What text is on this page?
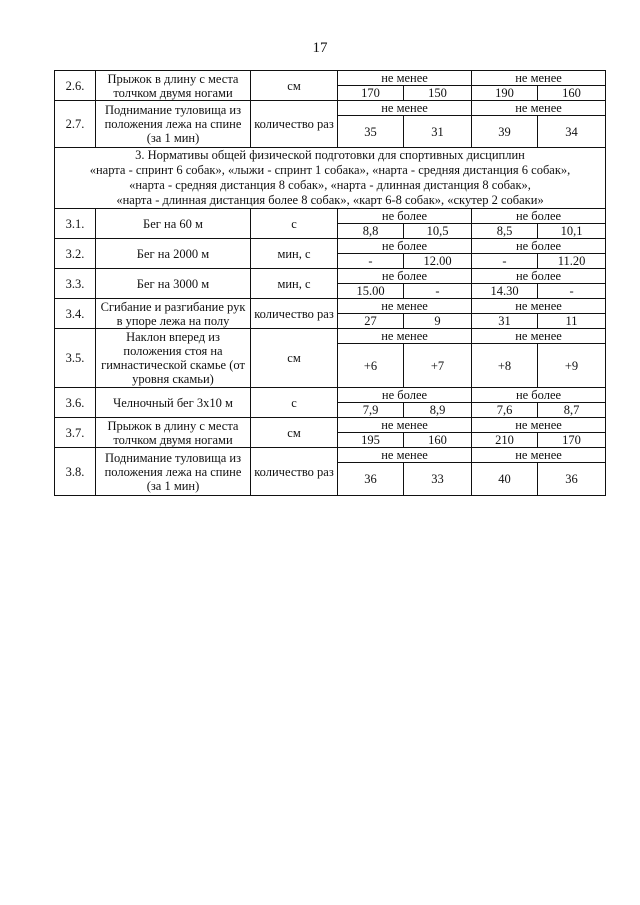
17
2.6.	Прыжок в длину с места толчком двумя ногами	см	не менее		не менее	
			170	150	190	160
2.7.	Поднимание туловища из положения лежа на спине (за 1 мин)	количество раз	не менее		не менее	
			35	31	39	34

3. Нормативы общей физической подготовки для спортивных дисциплин
«нарта - спринт 6 собак», «лыжи - спринт 1 собака», «нарта - средняя дистанция 6 собак»,
«нарта - средняя дистанция 8 собак», «нарта - длинная дистанция 8 собак»,
«нарта - длинная дистанция более 8 собак», «карт 6-8 собак», «скутер 2 собаки»						

3.1.	Бег на 60 м	с	не более		не более	
			8,8	10,5	8,5	10,1
3.2.	Бег на 2000 м	мин, с	не более		не более	
			-	12.00	-	11.20
3.3.	Бег на 3000 м	мин, с	не более		не более	
			15.00	-	14.30	-
3.4.	Сгибание и разгибание рук в упоре лежа на полу	количество раз	не менее		не менее	
			27	9	31	11
3.5.	Наклон вперед из положения стоя на гимнастической скамье (от уровня скамьи)	см	не менее		не менее	
			+6	+7	+8	+9
3.6.	Челночный бег 3х10 м	с	не более		не более	
			7,9	8,9	7,6	8,7
3.7.	Прыжок в длину с места толчком двумя ногами	см	не менее		не менее	
			195	160	210	170
3.8.	Поднимание туловища из положения лежа на спине (за 1 мин)	количество раз	не менее		не менее	
			36	33	40	36
